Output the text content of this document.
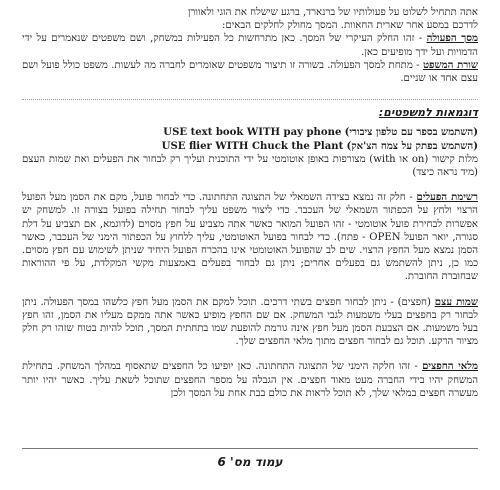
אתה תתחיל לשלוט על פעולותיו של ברנארד, ברגע שישלח את הוגי ולאוורן

לדרכם במסע אחר שארית החאוות. המסך מחולק לחלקים הבאים:

מסך הפעולה - זהו החלק העיקרי של המסך. כאן מתרחשות כל הפעילות במשחק, ושם משפטים שנאמרים על ידי הדמויות ועל ידך מופיעים כאן.

שורת המשפט - מתחת למסך הפעולה. בשורה זו תיצור משפטים שאומרים לחברה מה לעשות. משפט כולל פועל ושם עצם אחד או שניים.

דוגמאות למשפטים:

USE text book WITH pay phone (השתמש בספר עם טלפון ציבורי)

USE flier WITH Chuck the Plant (השתמש בפתק על צמח הצ'אק)

מלות קישור (on או with) מצורפות באופן אוטומטי על ידי התוכנית ועליך רק לבחור את הפעלים ואת שמות העצם (מיד נראה כיצד)

רשימת הפעלים - חלק זה נמצא בצידה השמאלי של התצוגה התחתונה. כדי לבחור פועל, מקם את הסמן מעל הפועל הרצוי ולחץ על הכפתור השמאלי של העכבר. כדי ליצור משפט עליך לבחור תחילה בפועל בצורה זו. למשחק יש אפשרות לבחירת פועל אוטומטי - זהו הפועל המואר כאשר אתה מצביע על חפץ מסוים (לדוגמא, אם תצביע על דלת סגורה, יואר הפועל OPEN - פתח). כדי לבחור בפועל האוטומטי, עליך ללחוץ על הכפתור הימני של העכבר, כאשר הסמן נמצא מעל החפץ הרצוי. שים לב שהפועל האוטומטי אינו בהכרח הפועל היחיד שניתן לשימוש עם חפץ מסוים. כמו כן, ניתן להשתמש גם בפעלים אחרים; ניתן גם לבחור בפעלים באמצעות מקשי המקלדת, על פי ההוראות שבחוברת החוברת.

שמות עצם (חפצים) - ניתן לבחור חפצים בשתי דרכים. תוכל למקם את הסמן מעל חפץ כלשהו במסך הפעולה. ניתן לבחור רק בחפצים בעלי משמעות לגבי המשחק. אם שם החפץ מופיע כאשר אתה ממקם מעליו את הסמן, זהו חפץ בעל משמעות. אם הצבעת הסמן מעל חפץ אינה גורמת להופעת שמו בתחתית המסך, תוכל להיות בטוח שזהו רק חלק מציור הרקע. תוכל גם לבחור חפצים מתוך מלאי החפצים שלך.

מלאי החפצים - זהו חלקה הימני של התצוגה התחתונה. כאן יופיעו כל החפצים שתאסוף במהלך המשחק. בתחילת המשחק יהיו בידי החברה מעט מאוד חפצים. אין הגבלה על מספר החפצים שתוכל לשאת עליך. כאשר יהיו יותר מעשרה חפצים במלאי שלך, לא תוכל לראות את כולם בבת אחת על המסך ולכן

עמוד מס' 6
